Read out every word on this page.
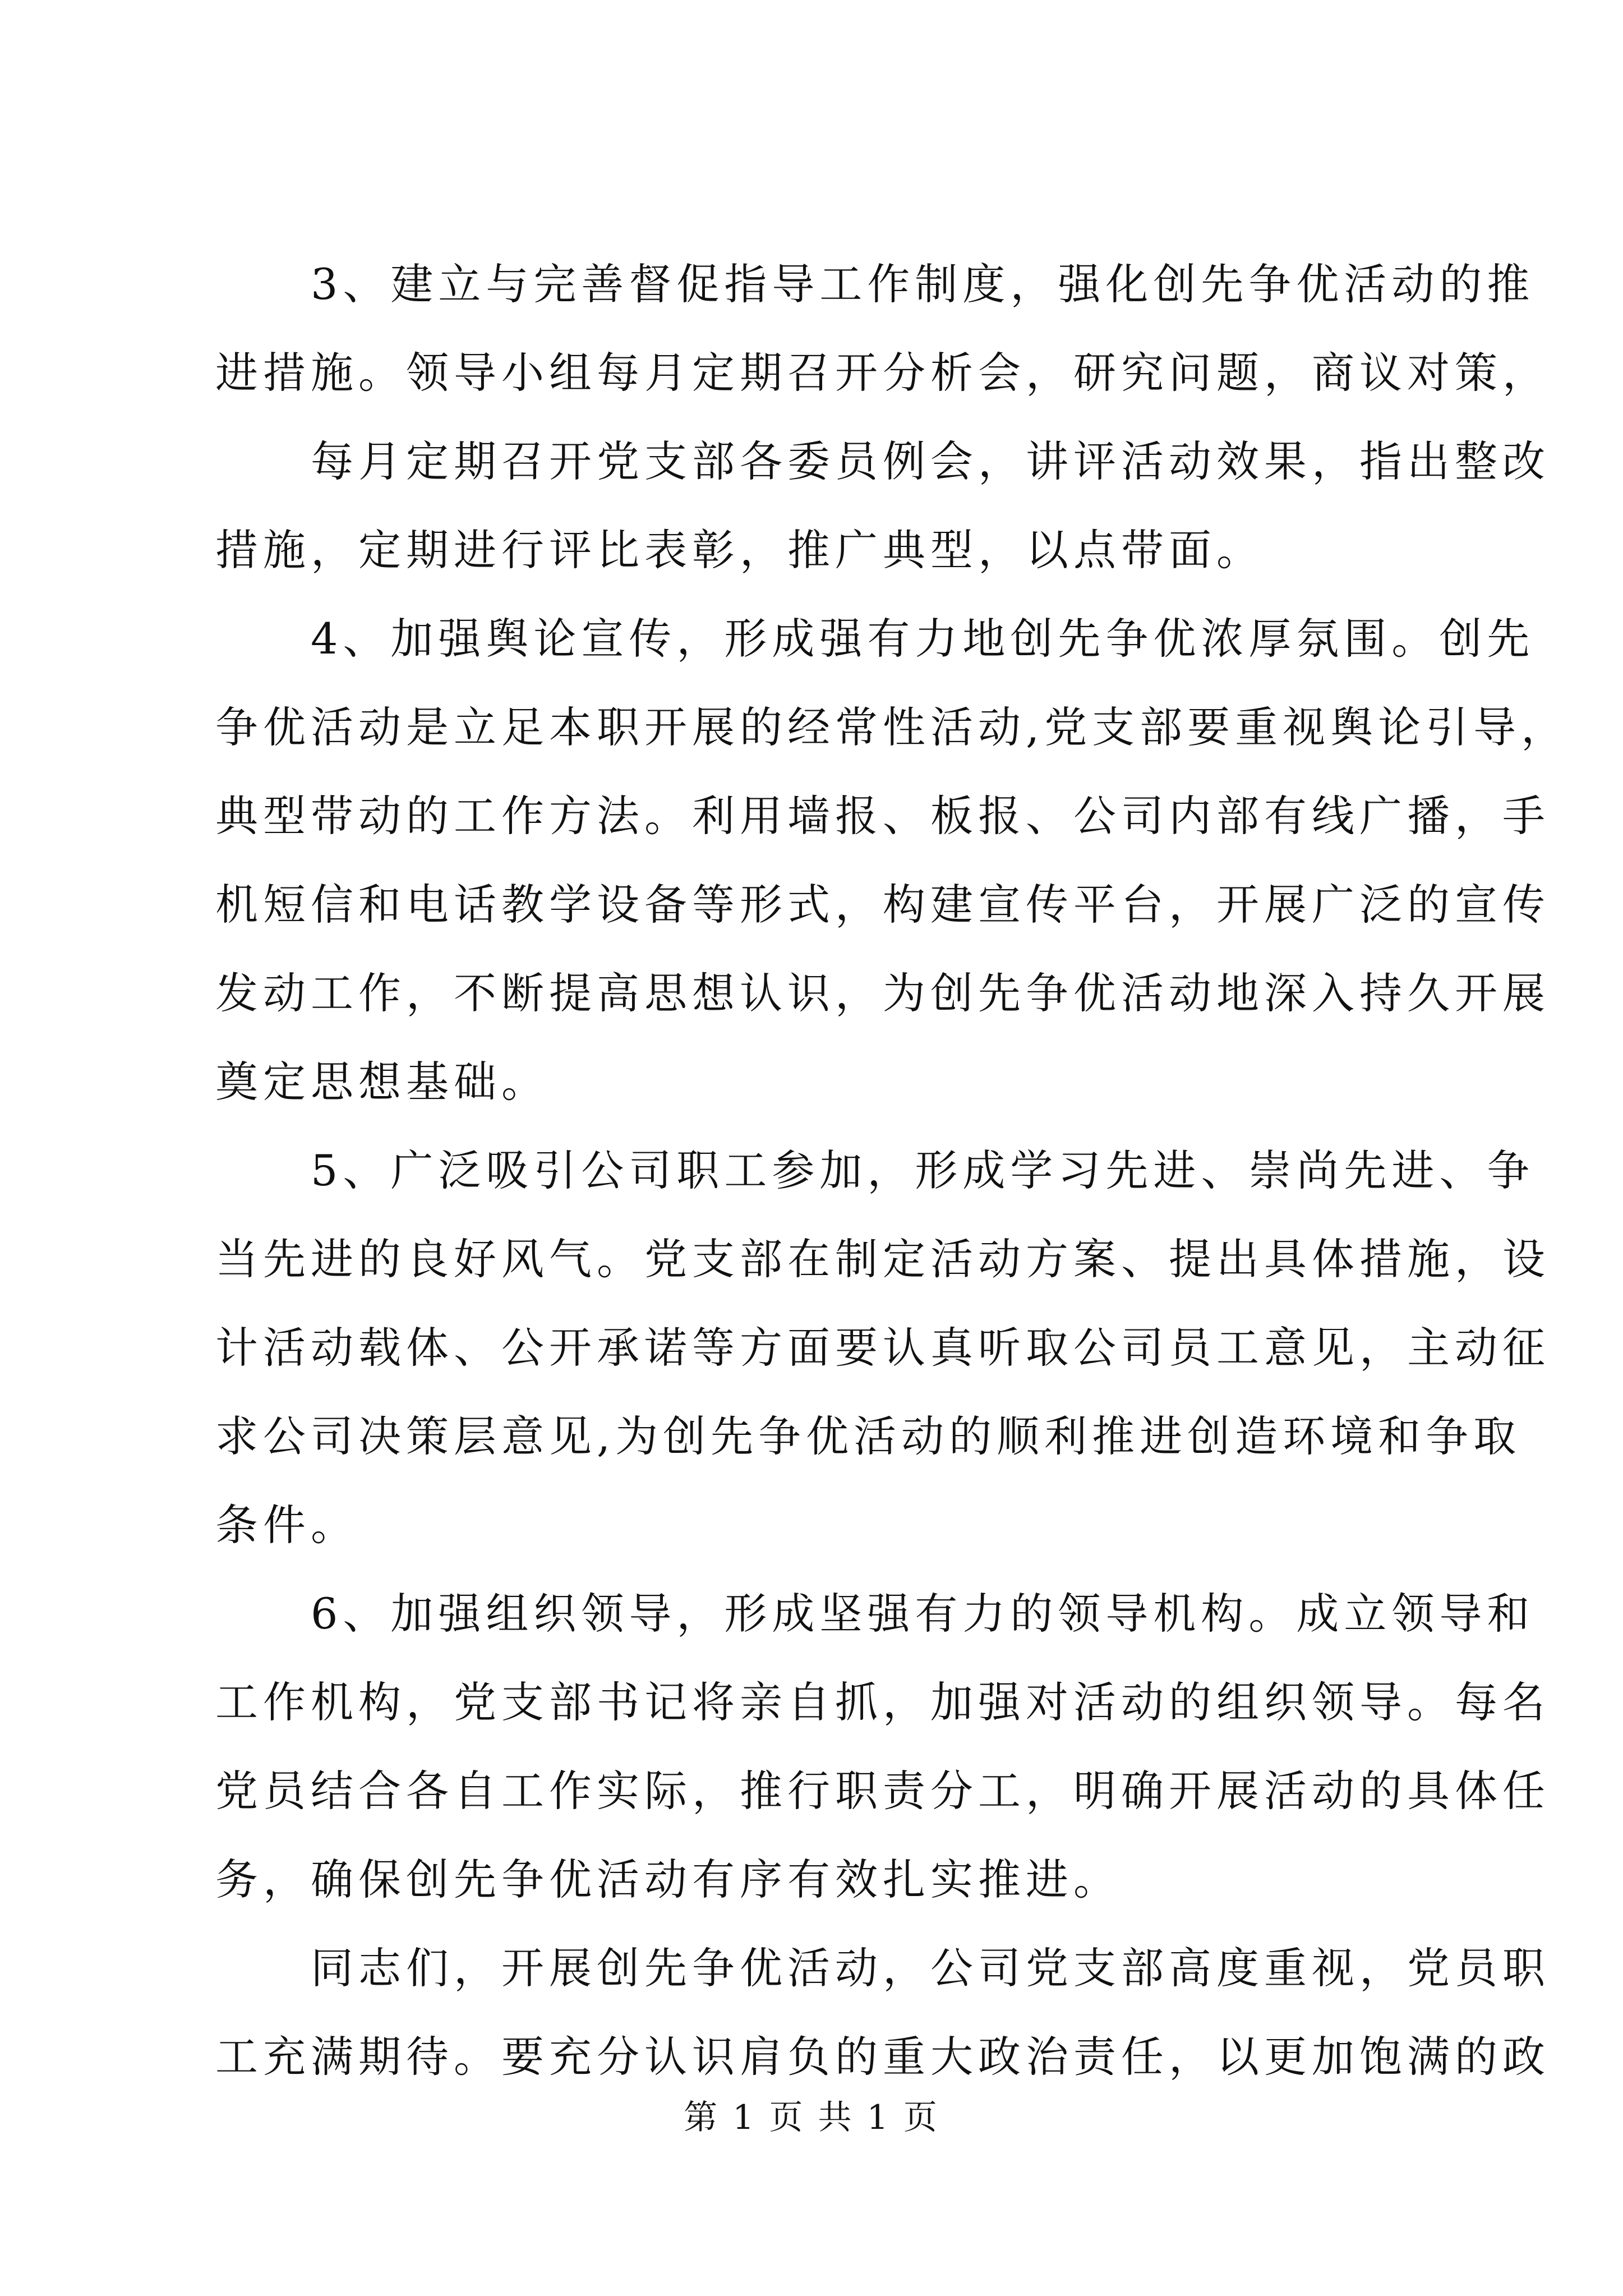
3、建立与完善督促指导工作制度，强化创先争优活动的推
进措施。领导小组每月定期召开分析会，研究问题，商议对策，
每月定期召开党支部各委员例会，讲评活动效果，指出整改
措施，定期进行评比表彰，推广典型，以点带面。
4、加强舆论宣传，形成强有力地创先争优浓厚氛围。创先
争优活动是立足本职开展的经常性活动,党支部要重视舆论引导，
典型带动的工作方法。利用墙报、板报、公司内部有线广播，手
机短信和电话教学设备等形式，构建宣传平台，开展广泛的宣传
发动工作，不断提高思想认识，为创先争优活动地深入持久开展
奠定思想基础。
5、广泛吸引公司职工参加，形成学习先进、崇尚先进、争
当先进的良好风气。党支部在制定活动方案、提出具体措施，设
计活动载体、公开承诺等方面要认真听取公司员工意见，主动征
求公司决策层意见,为创先争优活动的顺利推进创造环境和争取
条件。
6、加强组织领导，形成坚强有力的领导机构。成立领导和
工作机构，党支部书记将亲自抓，加强对活动的组织领导。每名
党员结合各自工作实际，推行职责分工，明确开展活动的具体任
务，确保创先争优活动有序有效扎实推进。
同志们，开展创先争优活动，公司党支部高度重视，党员职
工充满期待。要充分认识肩负的重大政治责任，以更加饱满的政
第 1 页 共 1 页
